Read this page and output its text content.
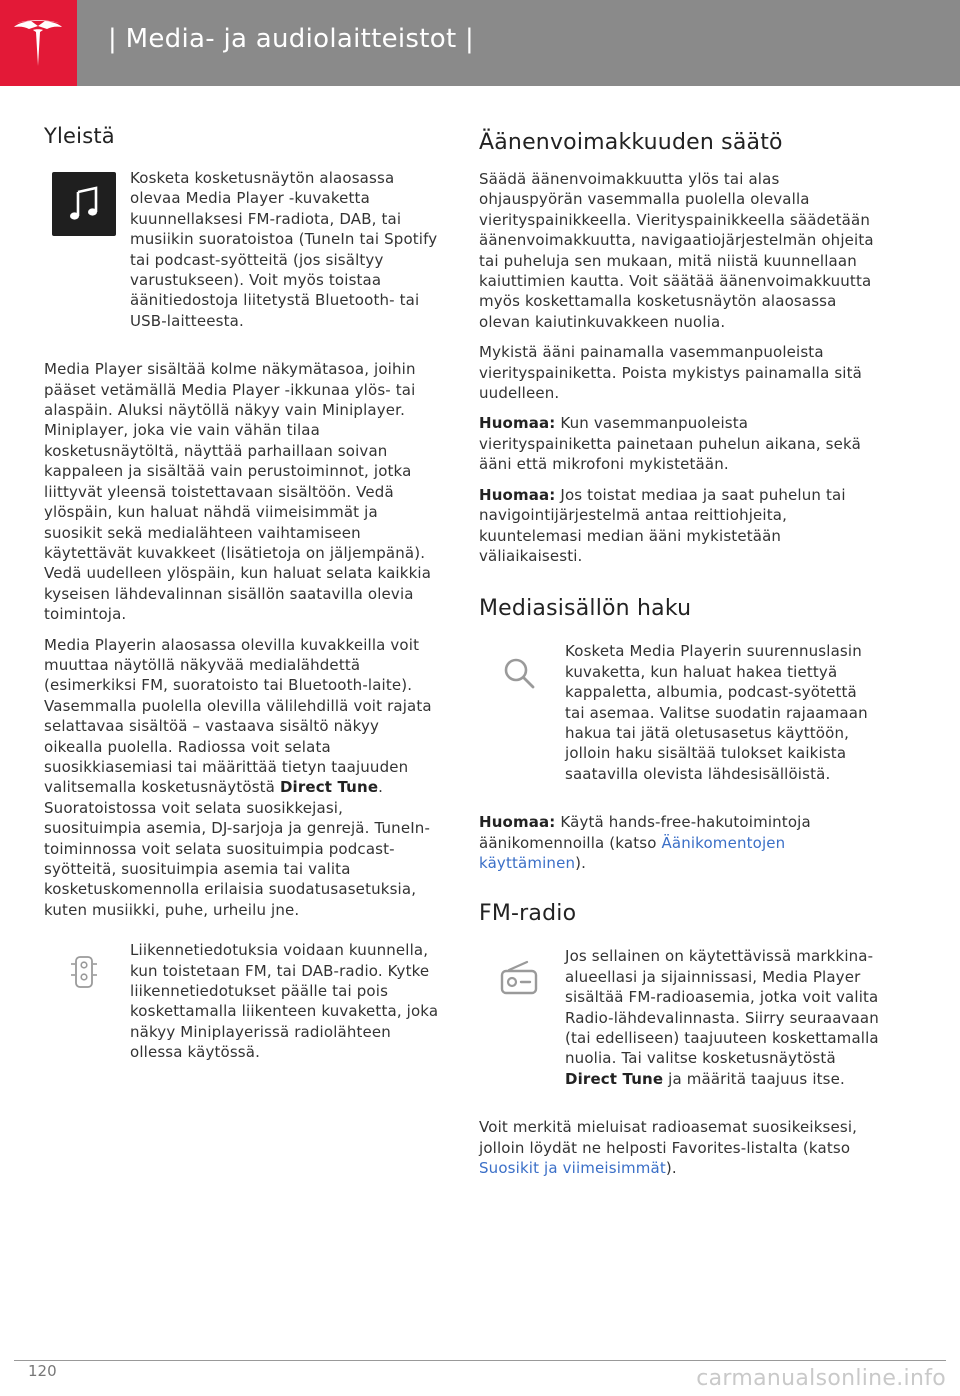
| Media- ja audiolaitteistot |
Yleistä

Kosketa kosketusnäytön alaosassa olevaa Media Player -kuvaketta kuunnellaksesi FM-radiota, DAB, tai musiikin suoratoistoa (TuneIn tai Spotify tai podcast-syötteitä (jos sisältyy varustukseen). Voit myös toistaa äänitiedostoja liitetystä Bluetooth- tai USB-laitteesta.

Media Player sisältää kolme näkymätasoa, joihin pääset vetämällä Media Player -ikkunaa ylös- tai alaspäin. Aluksi näytöllä näkyy vain Miniplayer. Miniplayer, joka vie vain vähän tilaa kosketusnäytöltä, näyttää parhaillaan soivan kappaleen ja sisältää vain perustoiminnot, jotka liittyvät yleensä toistettavaan sisältöön. Vedä ylöspäin, kun haluat nähdä viimeisimmät ja suosikit sekä medialähteen vaihtamiseen käytettävät kuvakkeet (lisätietoja on jäljempänä). Vedä uudelleen ylöspäin, kun haluat selata kaikkia kyseisen lähdevalinnan sisällön saatavilla olevia toimintoja.

Media Playerin alaosassa olevilla kuvakkeilla voit muuttaa näytöllä näkyvää medialähdettä (esimerkiksi FM, suoratoisto tai Bluetooth-laite). Vasemmalla puolella olevilla välilehdillä voit rajata selattavaa sisältöä – vastaava sisältö näkyy oikealla puolella. Radiossa voit selata suosikkiasemiasi tai määrittää tietyn taajuuden valitsemalla kosketusnäytöstä Direct Tune. Suoratoistossa voit selata suosikkejasi, suosituimpia asemia, DJ-sarjoja ja genrejä. TuneIn-toiminnossa voit selata suosituimpia podcast-syötteitä, suosituimpia asemia tai valita kosketuskomennolla erilaisia suodatusasetuksia, kuten musiikki, puhe, urheilu jne.

Liikennetiedotuksia voidaan kuunnella, kun toistetaan FM, tai DAB-radio. Kytke liikennetiedotukset päälle tai pois koskettamalla liikenteen kuvaketta, joka näkyy Miniplayerissä radiolähteen ollessa käytössä.

Äänenvoimakkuuden säätö

Säädä äänenvoimakkuutta ylös tai alas ohjauspyörän vasemmalla puolella olevalla vierityspainikkeella. Vierityspainikkeella säädetään äänenvoimakkuutta, navigaatiojärjestelmän ohjeita tai puheluja sen mukaan, mitä niistä kuunnellaan kaiuttimien kautta. Voit säätää äänenvoimakkuutta myös koskettamalla kosketusnäytön alaosassa olevan kaiutinkuvakkeen nuolia.

Mykistä ääni painamalla vasemmanpuoleista vierityspainiketta. Poista mykistys painamalla sitä uudelleen.

Huomaa: Kun vasemmanpuoleista vierityspainiketta painetaan puhelun aikana, sekä ääni että mikrofoni mykistetään.

Huomaa: Jos toistat mediaa ja saat puhelun tai navigointijärjestelmä antaa reittiohjeita, kuuntelemasi median ääni mykistetään väliaikaisesti.

Mediasisällön haku

Kosketa Media Playerin suurennuslasin kuvaketta, kun haluat hakea tiettyä kappaletta, albumia, podcast-syötettä tai asemaa. Valitse suodatin rajaamaan hakua tai jätä oletusasetus käyttöön, jolloin haku sisältää tulokset kaikista saatavilla olevista lähdesisällöistä.

Huomaa: Käytä hands-free-hakutoimintoja äänikomennoilla (katso Äänikomentojen käyttäminen).

FM-radio

Jos sellainen on käytettävissä markkina-alueellasi ja sijainnissasi, Media Player sisältää FM-radioasemia, jotka voit valita Radio-lähdevalinnasta. Siirry seuraavaan (tai edelliseen) taajuuteen koskettamalla nuolia. Tai valitse kosketusnäytöstä Direct Tune ja määritä taajuus itse.

Voit merkitä mieluisat radioasemat suosikeiksesi, jolloin löydät ne helposti Favorites-listalta (katso Suosikit ja viimeisimmät).

120	carmanualsonline.info
